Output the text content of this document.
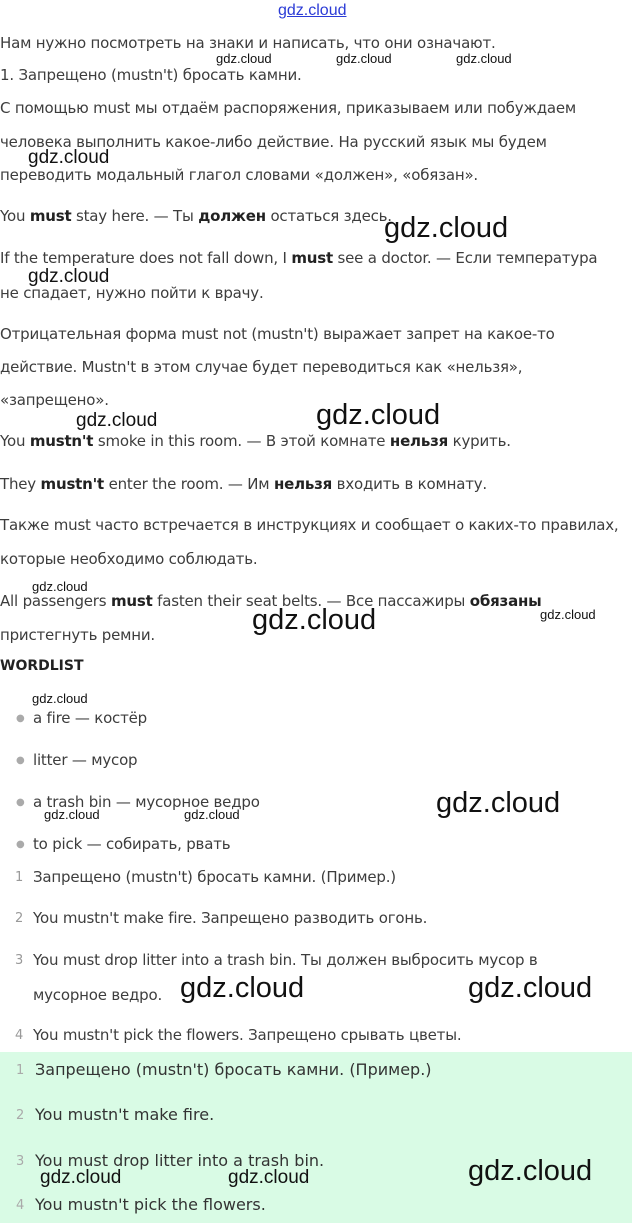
gdz.cloud
Нам нужно посмотреть на знаки и написать, что они означают.
1. Запрещено (mustn't) бросать камни.
С помощью must мы отдаём распоряжения, приказываем или побуждаем
человека выполнить какое-либо действие. На русский язык мы будем
переводить модальный глагол словами «должен», «обязан».
You must stay here. — Ты должен остаться здесь.
If the temperature does not fall down, I must see a doctor. — Если температура
не спадает, нужно пойти к врачу.
Отрицательная форма must not (mustn't) выражает запрет на какое-то
действие. Mustn't в этом случае будет переводиться как «нельзя»,
«запрещено».
You mustn't smoke in this room. — В этой комнате нельзя курить.
They mustn't enter the room. — Им нельзя входить в комнату.
Также must часто встречается в инструкциях и сообщает о каких-то правилах,
которые необходимо соблюдать.
All passengers must fasten their seat belts. — Все пассажиры обязаны
пристегнуть ремни.
WORDLIST
● a fire — костёр
● litter — мусор
● a trash bin — мусорное ведро
● to pick — собирать, рвать
1 Запрещено (mustn't) бросать камни. (Пример.)
2 You mustn't make fire. Запрещено разводить огонь.
3 You must drop litter into a trash bin. Ты должен выбросить мусор в
мусорное ведро.
4 You mustn't pick the flowers. Запрещено срывать цветы.
1 Запрещено (mustn't) бросать камни. (Пример.)
2 You mustn't make fire.
3 You must drop litter into a trash bin.
4 You mustn't pick the flowers.
gdz.cloud	gdz.cloud	gdz.cloud
gdz.cloud
gdz.cloud
gdz.cloud
gdz.cloud	gdz.cloud
gdz.cloud
gdz.cloud	gdz.cloud
gdz.cloud
gdz.cloud
gdz.cloud	gdz.cloud
gdz.cloud	gdz.cloud
gdz.cloud	gdz.cloud	gdz.cloud
